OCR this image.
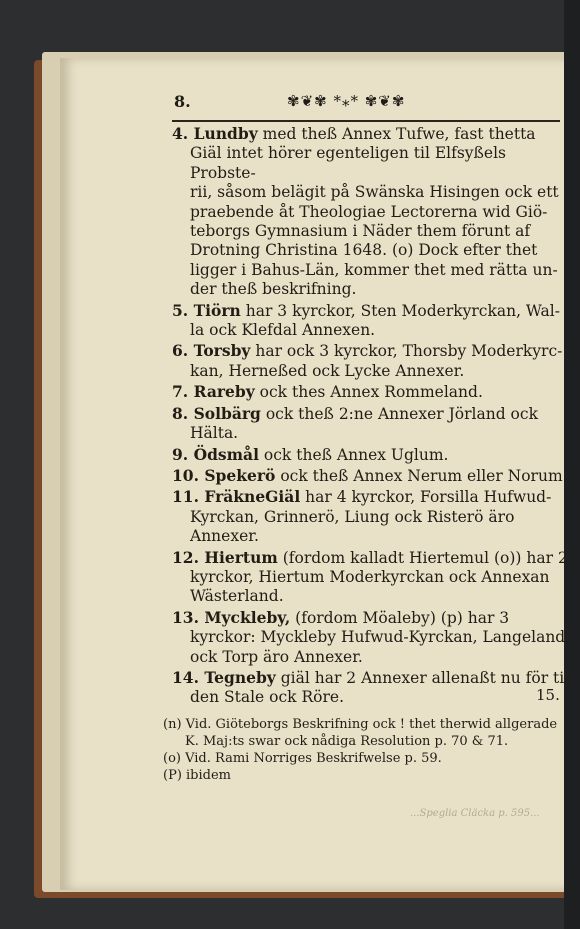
8.	✾❦✾ *⁎* ✾❦✾
4. Lundby med theß Annex Tufwe, fast thetta
Giäl intet hörer egenteligen til Elfsyßels Probste-
rii, såsom belägit på Swänska Hisingen ock ett
praebende åt Theologiae Lectorerna wid Giö-
teborgs Gymnasium i Näder them förunt af
Drotning Christina 1648. (o) Dock efter thet
ligger i Bahus-Län, kommer thet med rätta un-
der theß beskrifning.
5. Tiörn har 3 kyrckor, Sten Moderkyrckan, Wal-
la ock Klefdal Annexen.
6. Torsby har ock 3 kyrckor, Thorsby Moderkyrc-
kan, Herneßed ock Lycke Annexer.
7. Rareby ock thes Annex Rommeland.
8. Solbärg ock theß 2:ne Annexer Jörland ock
Hälta.
9. Ödsmål ock theß Annex Uglum.
10. Spekerö ock theß Annex Nerum eller Norum.
11. FräkneGiäl har 4 kyrckor, Forsilla Hufwud-
Kyrckan, Grinnerö, Liung ock Risterö äro
Annexer.
12. Hiertum (fordom kalladt Hiertemul (o)) har 2
kyrckor, Hiertum Moderkyrckan ock Annexan
Wästerland.
13. Myckleby, (fordom Möaleby) (p) har 3
kyrckor: Myckleby Hufwud-Kyrckan, Langeland,
ock Torp äro Annexer.
14. Tegneby giäl har 2 Annexer allenaßt nu för ti-
den Stale ock Röre.	15.
(n) Vid. Giöteborgs Beskrifning ock ! thet therwid allgerade
K. Maj:ts swar ock nådiga Resolution p. 70 & 71.
(o) Vid. Rami Norriges Beskrifwelse p. 59.
(P) ibidem
...Speglia Cläcka p. 595...
